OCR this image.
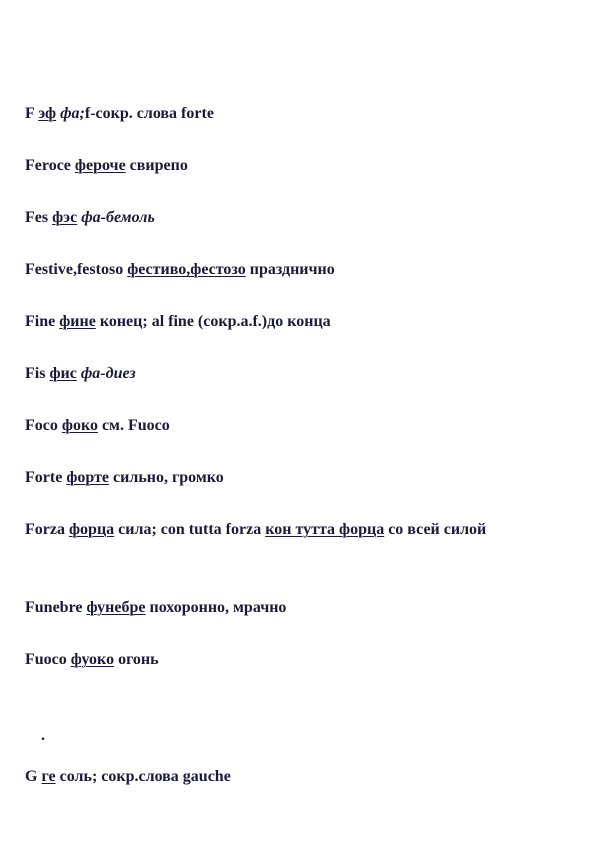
F эф фа;f-сокр. слова forte
Feroce фероче свирепо
Fes фэс фа-бемоль
Festive,festoso фестиво,фестозо празднично
Fine фине конец; al fine (сокр.a.f.)до конца
Fis фис фа-диез
Foco фоко см. Fuoco
Forte форте сильно, громко
Forza форца сила; con tutta forza кон тутта форца со всей силой
Funebre фунебре похоронно, мрачно
Fuoco фуоко огонь
.
G ге соль; сокр.слова gauche
